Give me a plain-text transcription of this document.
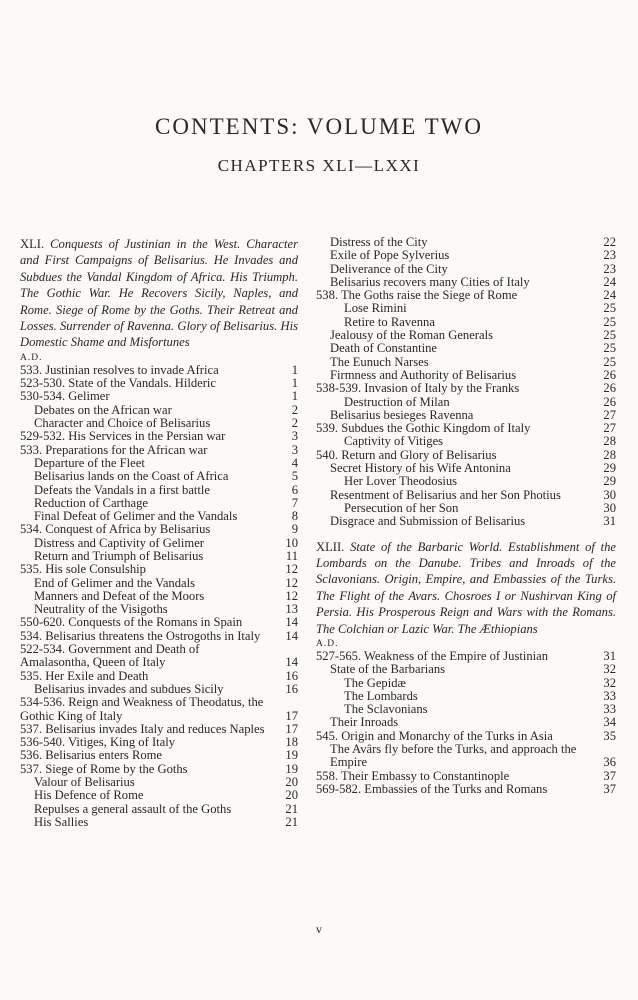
CONTENTS: VOLUME TWO
CHAPTERS XLI—LXXI

XLI. Conquests of Justinian in the West. Character and First Campaigns of Belisarius. He Invades and Subdues the Vandal Kingdom of Africa. His Triumph. The Gothic War. He Recovers Sicily, Naples, and Rome. Siege of Rome by the Goths. Their Retreat and Losses. Surrender of Ravenna. Glory of Belisarius. His Domestic Shame and Misfortunes

A.D.
533. Justinian resolves to invade Africa	1
523-530. State of the Vandals. Hilderic	1
530-534. Gelimer	1
Debates on the African war	2
Character and Choice of Belisarius	2
529-532. His Services in the Persian war	3
533. Preparations for the African war	3
Departure of the Fleet	4
Belisarius lands on the Coast of Africa	5
Defeats the Vandals in a first battle	6
Reduction of Carthage	7
Final Defeat of Gelimer and the Vandals	8
534. Conquest of Africa by Belisarius	9
Distress and Captivity of Gelimer	10
Return and Triumph of Belisarius	11
535. His sole Consulship	12
End of Gelimer and the Vandals	12
Manners and Defeat of the Moors	12
Neutrality of the Visigoths	13
550-620. Conquests of the Romans in Spain	14
534. Belisarius threatens the Ostrogoths in Italy	14
522-534. Government and Death of Amalasontha, Queen of Italy	14
535. Her Exile and Death	16
Belisarius invades and subdues Sicily	16
534-536. Reign and Weakness of Theodatus, the Gothic King of Italy	17
537. Belisarius invades Italy and reduces Naples	17
536-540. Vitiges, King of Italy	18
536. Belisarius enters Rome	19
537. Siege of Rome by the Goths	19
Valour of Belisarius	20
His Defence of Rome	20
Repulses a general assault of the Goths	21
His Sallies	21
Distress of the City	22
Exile of Pope Sylverius	23
Deliverance of the City	23
Belisarius recovers many Cities of Italy	24
538. The Goths raise the Siege of Rome	24
Lose Rimini	25
Retire to Ravenna	25
Jealousy of the Roman Generals	25
Death of Constantine	25
The Eunuch Narses	25
Firmness and Authority of Belisarius	26
538-539. Invasion of Italy by the Franks	26
Destruction of Milan	26
Belisarius besieges Ravenna	27
539. Subdues the Gothic Kingdom of Italy	27
Captivity of Vitiges	28
540. Return and Glory of Belisarius	28
Secret History of his Wife Antonina	29
Her Lover Theodosius	29
Resentment of Belisarius and her Son Photius	30
Persecution of her Son	30
Disgrace and Submission of Belisarius	31

XLII. State of the Barbaric World. Establishment of the Lombards on the Danube. Tribes and Inroads of the Sclavonians. Origin, Empire, and Embassies of the Turks. The Flight of the Avars. Chosroes I or Nushirvan King of Persia. His Prosperous Reign and Wars with the Romans. The Colchian or Lazic War. The Æthiopians

A.D.
527-565. Weakness of the Empire of Justinian	31
State of the Barbarians	32
The Gepidæ	32
The Lombards	33
The Sclavonians	33
Their Inroads	34
545. Origin and Monarchy of the Turks in Asia	35
The Avârs fly before the Turks, and approach the Empire	36
558. Their Embassy to Constantinople	37
569-582. Embassies of the Turks and Romans	37
v
